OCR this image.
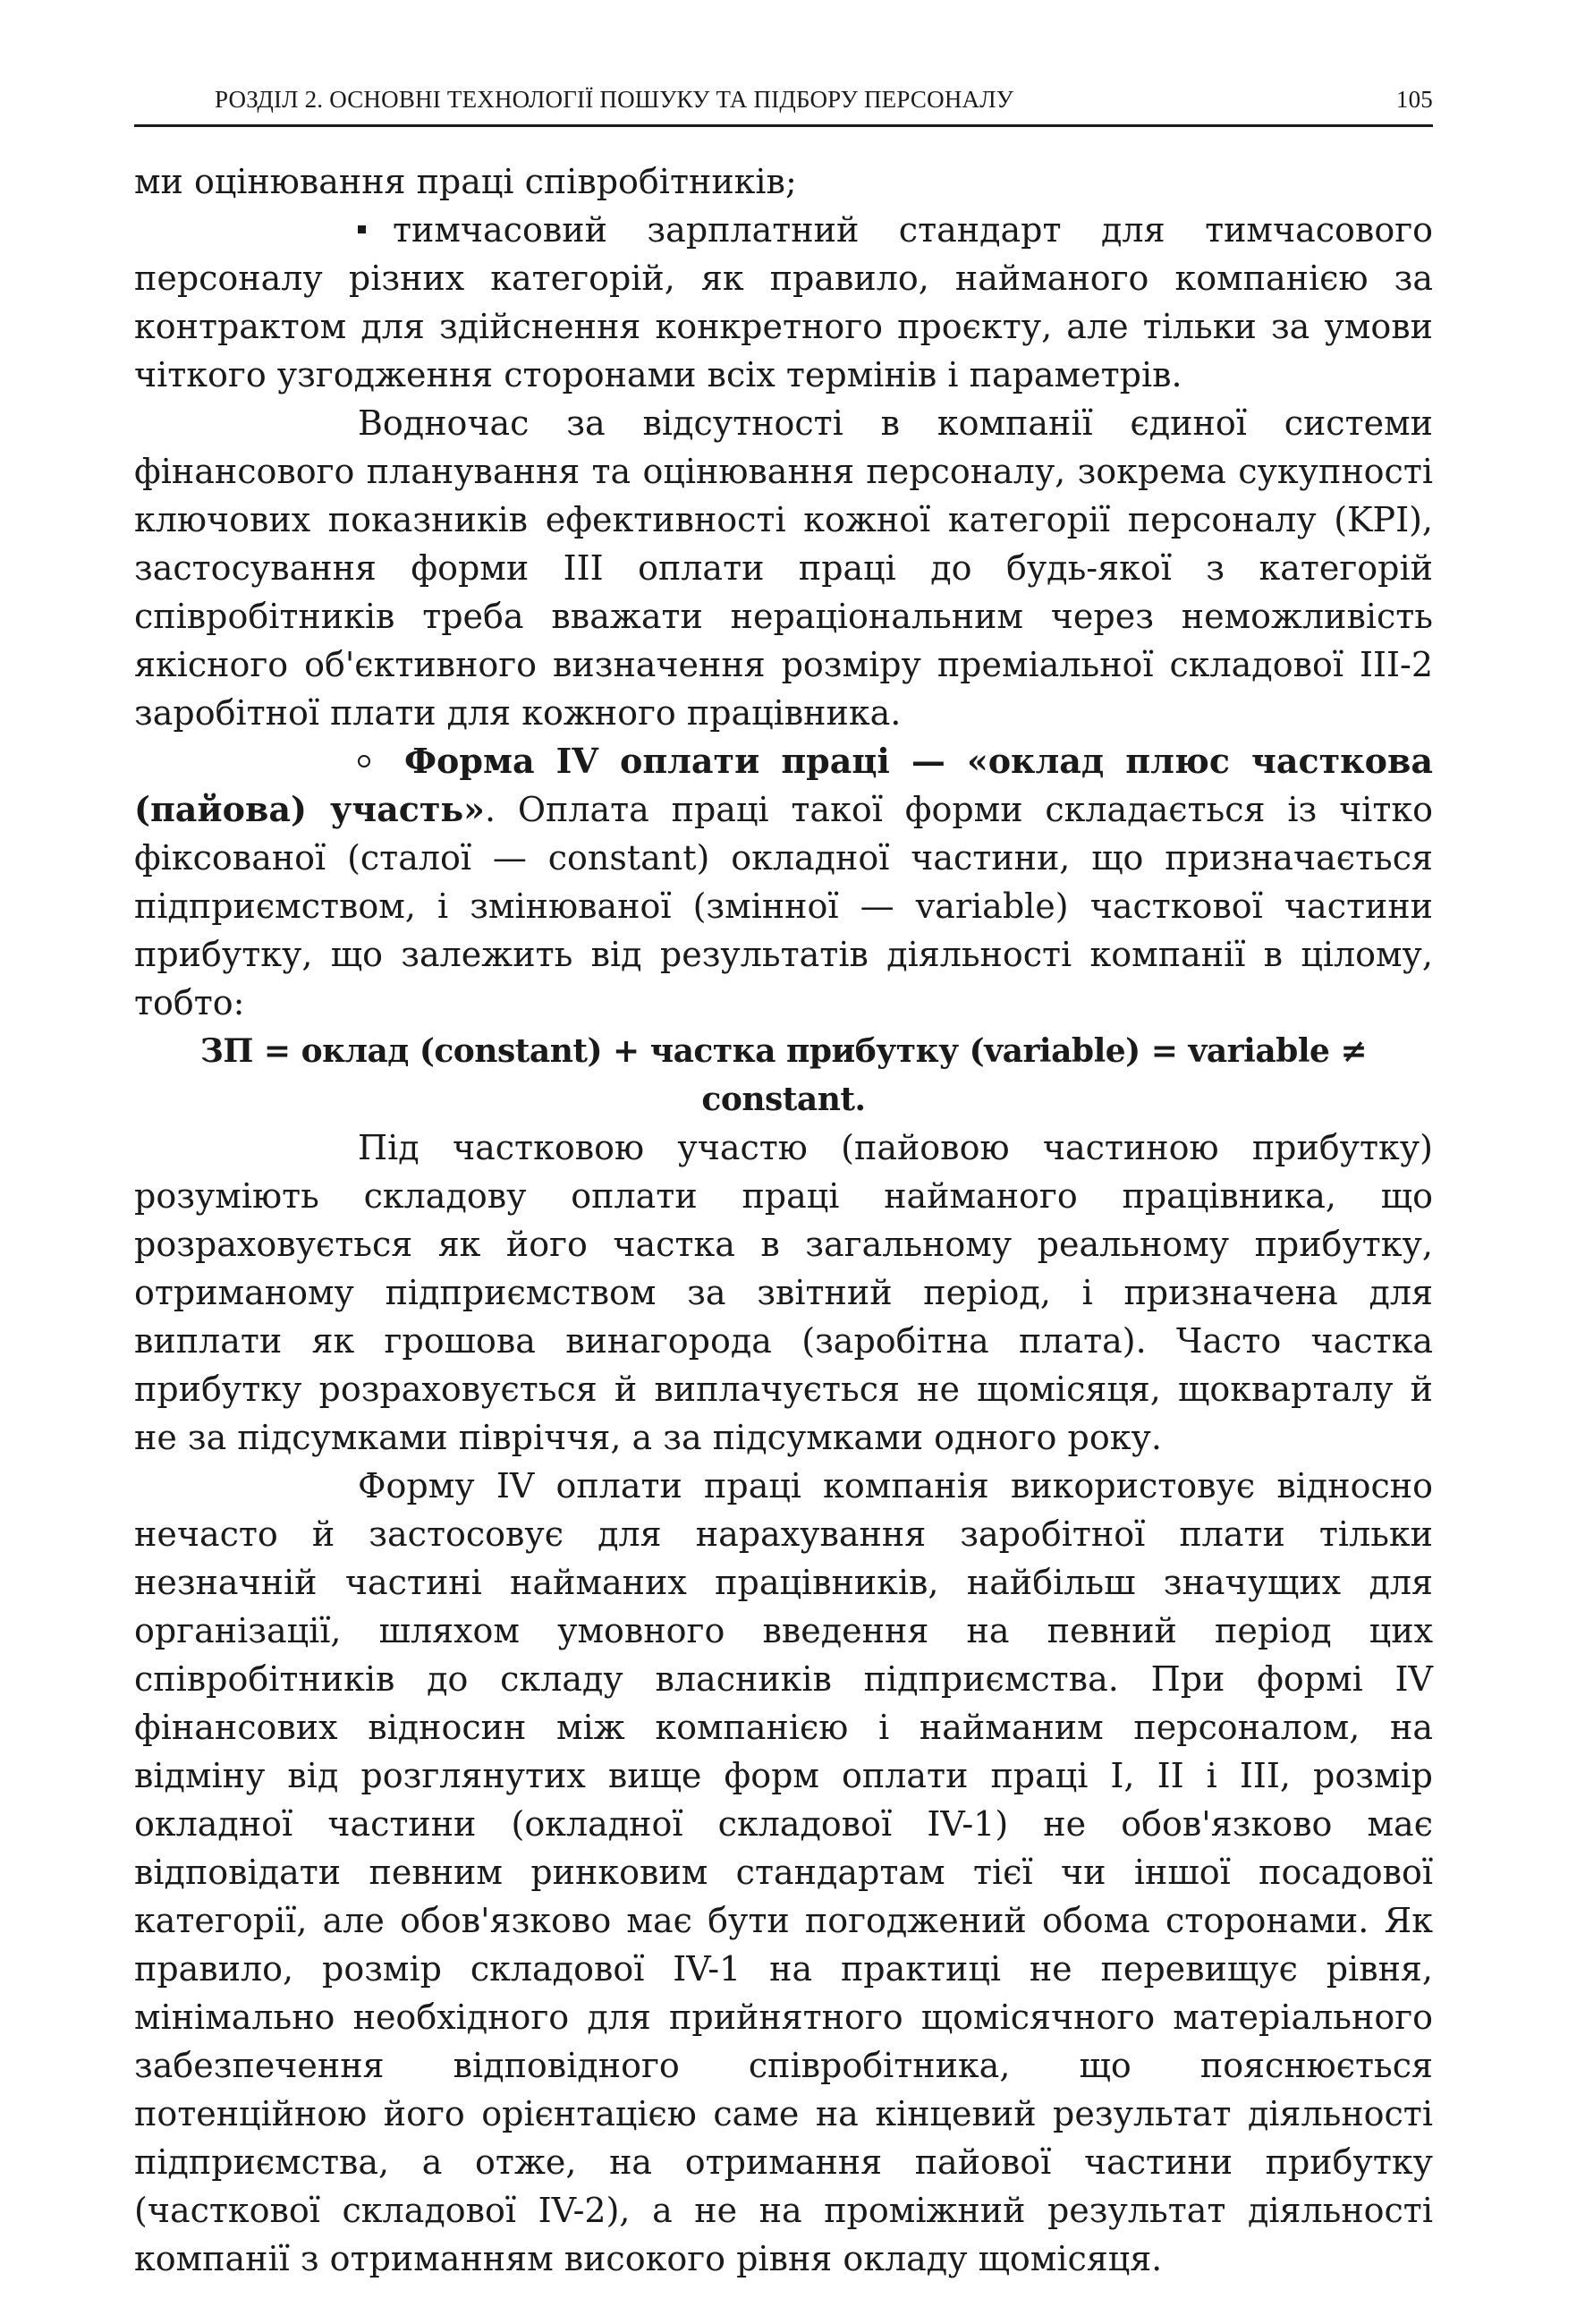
РОЗДІЛ 2. ОСНОВНІ ТЕХНОЛОГІЇ ПОШУКУ ТА ПІДБОРУ ПЕРСОНАЛУ	105

ми оцінювання праці співробітників;

тимчасовий зарплатний стандарт для тимчасового персоналу різних категорій, як правило, найманого компанією за контрактом для здійснення конкретного проєкту, але тільки за умови чіткого узгодження сторонами всіх термінів і параметрів.

Водночас за відсутності в компанії єдиної системи фінансового планування та оцінювання персоналу, зокрема сукупності ключових показників ефективності кожної категорії персоналу (KPI), застосування форми III оплати праці до будь-якої з категорій співробітників треба вважати нераціональним через неможливість якісного об'єктивного визначення розміру преміальної складової III-2 заробітної плати для кожного працівника.

Форма IV оплати праці — «оклад плюс часткова (пайова) участь». Оплата праці такої форми складається із чітко фіксованої (сталої — constant) окладної частини, що призначається підприємством, і змінюваної (змінної — variable) часткової частини прибутку, що залежить від результатів діяльності компанії в цілому, тобто:

ЗП = оклад (constant) + частка прибутку (variable) = variable ≠ constant.

Під частковою участю (пайовою частиною прибутку) розуміють складову оплати праці найманого працівника, що розраховується як його частка в загальному реальному прибутку, отриманому підприємством за звітний період, і призначена для виплати як грошова винагорода (заробітна плата). Часто частка прибутку розраховується й виплачується не щомісяця, щокварталу й не за підсумками півріччя, а за підсумками одного року.

Форму IV оплати праці компанія використовує відносно нечасто й застосовує для нарахування заробітної плати тільки незначній частині найманих працівників, найбільш значущих для організації, шляхом умовного введення на певний період цих співробітників до складу власників підприємства. При формі IV фінансових відносин між компанією і найманим персоналом, на відміну від розглянутих вище форм оплати праці I, II і III, розмір окладної частини (окладної складової IV-1) не обов'язково має відповідати певним ринковим стандартам тієї чи іншої посадової категорії, але обов'язково має бути погоджений обома сторонами. Як правило, розмір складової IV-1 на практиці не перевищує рівня, мінімально необхідного для прийнятного щомісячного матеріального забезпечення відповідного співробітника, що пояснюється потенційною його орієнтацією саме на кінцевий результат діяльності підприємства, а отже, на отримання пайової частини прибутку (часткової складової IV-2), а не на проміжний результат діяльності компанії з отриманням високого рівня окладу щомісяця.
